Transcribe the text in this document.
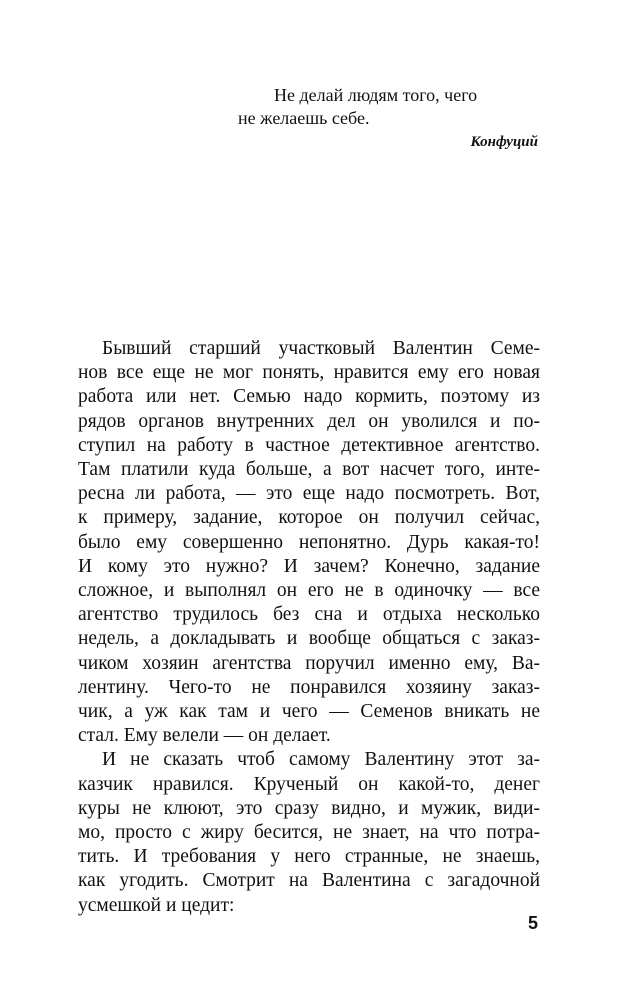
Не делай людям того, чего
не желаешь себе.
Конфуций
Бывший старший участковый Валентин Семе-
нов все еще не мог понять, нравится ему его новая
работа или нет. Семью надо кормить, поэтому из
рядов органов внутренних дел он уволился и по-
ступил на работу в частное детективное агентство.
Там платили куда больше, а вот насчет того, инте-
ресна ли работа, — это еще надо посмотреть. Вот,
к примеру, задание, которое он получил сейчас,
было ему совершенно непонятно. Дурь какая-то!
И кому это нужно? И зачем? Конечно, задание
сложное, и выполнял он его не в одиночку — все
агентство трудилось без сна и отдыха несколько
недель, а докладывать и вообще общаться с заказ-
чиком хозяин агентства поручил именно ему, Ва-
лентину. Чего-то не понравился хозяину заказ-
чик, а уж как там и чего — Семенов вникать не
стал. Ему велели — он делает.
И не сказать чтоб самому Валентину этот за-
казчик нравился. Крученый он какой-то, денег
куры не клюют, это сразу видно, и мужик, види-
мо, просто с жиру бесится, не знает, на что потра-
тить. И требования у него странные, не знаешь,
как угодить. Смотрит на Валентина с загадочной
усмешкой и цедит:
5
